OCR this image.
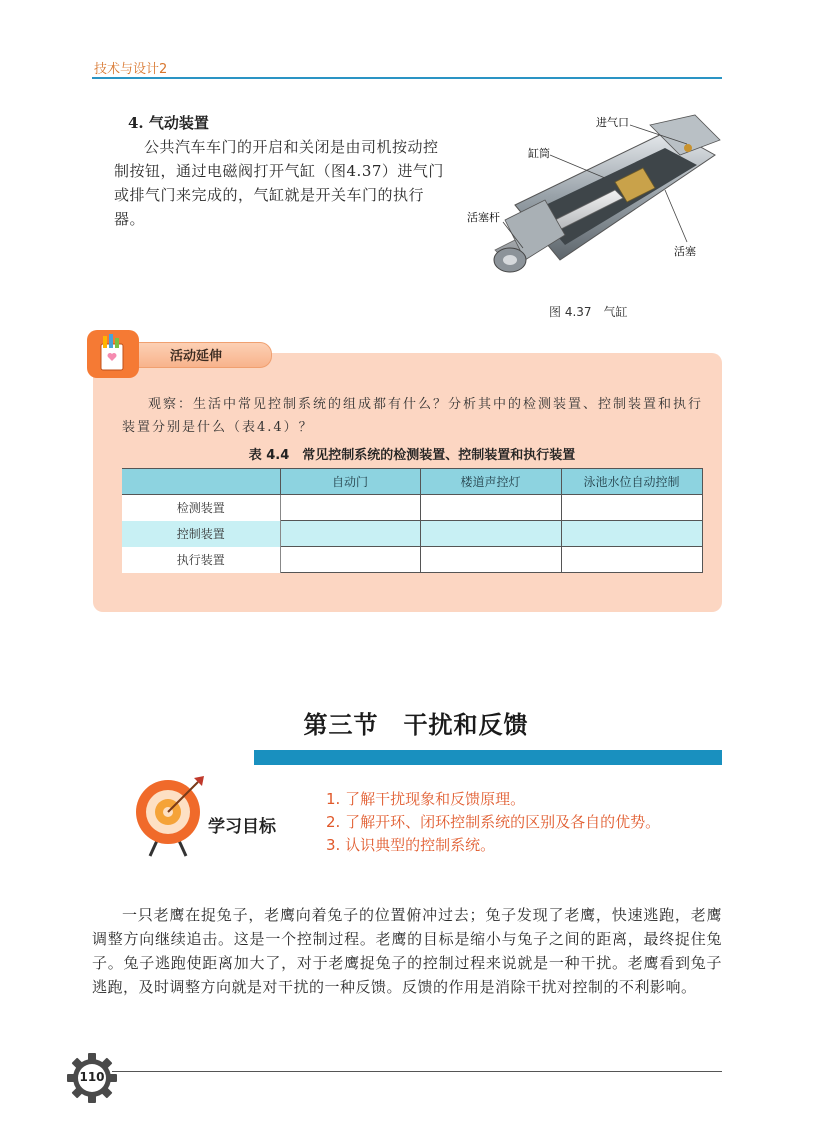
技术与设计2
4. 气动装置
公共汽车车门的开启和关闭是由司机按动控制按钮，通过电磁阀打开气缸（图4.37）进气门或排气门来完成的，气缸就是开关车门的执行器。
进气口
缸筒
活塞杆
活塞
图 4.37　气缸
活动延伸
观察：生活中常见控制系统的组成都有什么？分析其中的检测装置、控制装置和执行装置分别是什么（表4.4）？
表 4.4　常见控制系统的检测装置、控制装置和执行装置
	自动门	楼道声控灯	泳池水位自动控制
检测装置			
控制装置			
执行装置			
第三节　干扰和反馈
学习目标
1. 了解干扰现象和反馈原理。
2. 了解开环、闭环控制系统的区别及各自的优势。
3. 认识典型的控制系统。
一只老鹰在捉兔子，老鹰向着兔子的位置俯冲过去；兔子发现了老鹰，快速逃跑，老鹰调整方向继续追击。这是一个控制过程。老鹰的目标是缩小与兔子之间的距离，最终捉住兔子。兔子逃跑使距离加大了，对于老鹰捉兔子的控制过程来说就是一种干扰。老鹰看到兔子逃跑，及时调整方向就是对干扰的一种反馈。反馈的作用是消除干扰对控制的不利影响。
110
